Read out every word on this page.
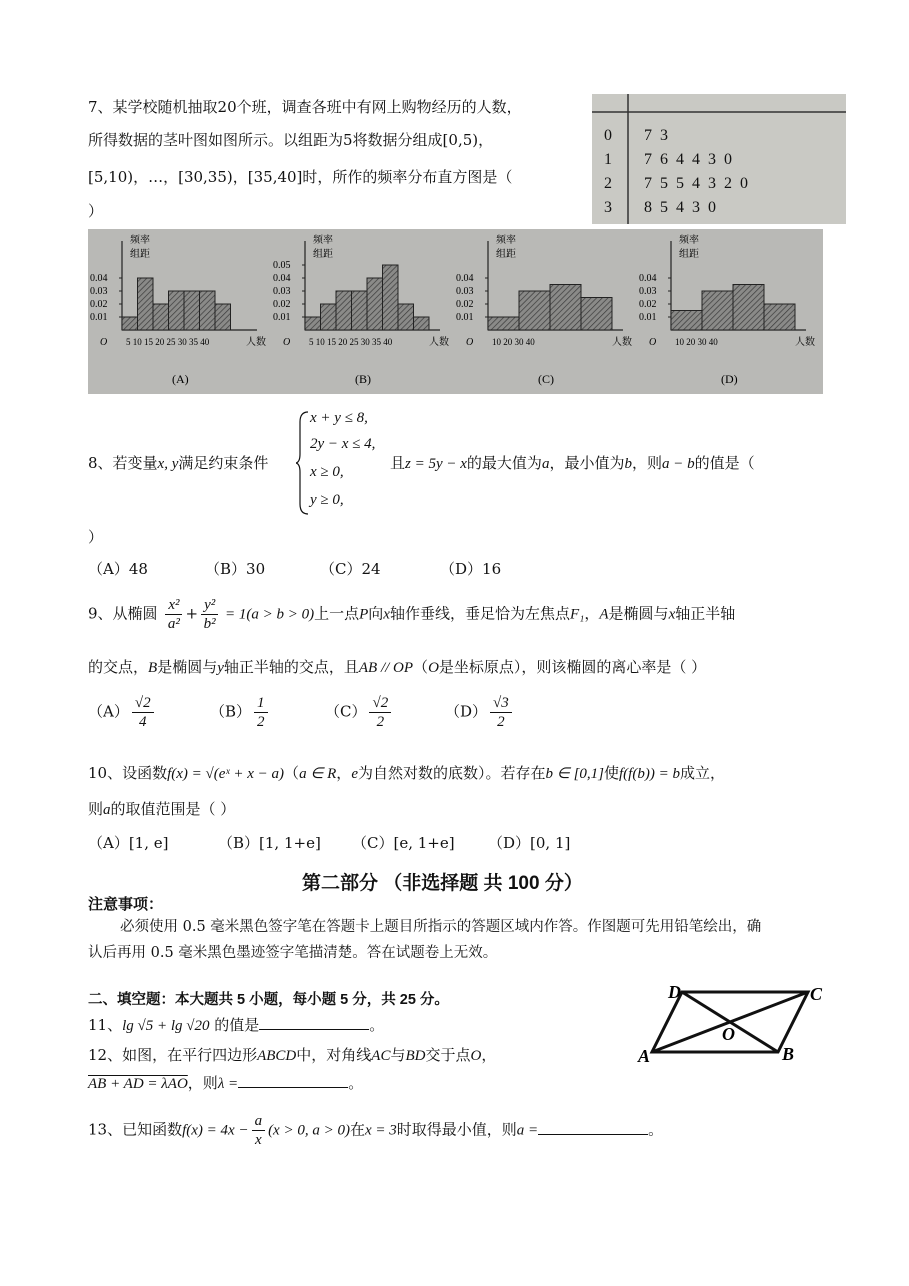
7、某学校随机抽取20个班，调查各班中有网上购物经历的人数，
所得数据的茎叶图如图所示。以组距为5将数据分组成[0,5)，
[5,10)，…，[30,35)，[35,40]时，所作的频率分布直方图是（
）
0 7  3
1 7  6  4  4  3  0
2 7  5  5  4  3  2  0
3 8  5  4  3  0
频率
组距
0.04
0.03
0.02
0.01
O 5 10 15 20 25 30 35 40	人数
(A)
频率
组距
0.05
0.04
0.03
0.02
0.01
O 5 10 15 20 25 30 35 40	人数
(B)
频率
组距
0.04
0.03
0.02
0.01
O 10 20 30 40	人数
(C)
频率
组距
0.04
0.03
0.02
0.01
O 10 20 30 40	人数
(D)
8、若变量x, y满足约束条件
x + y ≤ 8,
2y − x ≤ 4,
x ≥ 0,
y ≥ 0,
且z = 5y − x的最大值为a，最小值为b，则a − b的值是（
）
（A）48	（B）30	（C）24	（D）16
9、从椭圆 $\frac{\text{x²}}{\text{a²}} + \frac{\text{y²}}{\text{b²}} = 1(a > b > 0)$上一点P向x轴作垂线，垂足恰为左焦点F₁，A是椭圆与x轴正半轴
的交点，B是椭圆与y轴正半轴的交点，且AB // OP（O是坐标原点），则该椭圆的离心率是（ ）
$(A) \frac{√2}{4}$	$(B) \frac{1}{2}$	$(C) \frac{√2}{2}$	$(D) \frac{√3}{2}$
10、设函数f(x) = √(eˣ + x − a)（a ∈ R，e为自然对数的底数）。若存在b ∈ [0,1]使f(f(b)) = b成立，
则a的取值范围是（ ）
（A）[1, e]	（B）[1, 1+e] （C）[e, 1+e] （D）[0, 1]
第二部分 （非选择题 共 100 分）
注意事项：
必须使用 0.5 毫米黑色签字笔在答题卡上题目所指示的答题区域内作答。作图题可先用铅笔绘出，确
认后再用 0.5 毫米黑色墨迹签字笔描清楚。答在试题卷上无效。
二、填空题：本大题共 5 小题，每小题 5 分，共 25 分。
11、lg √5 + lg √20 的值是	。
12、如图，在平行四边形ABCD中，对角线AC与BD交于点O，
AB + AD = λAO，则λ =	。
13、已知函数$f(x) = 4x - \frac{a}{x} (x > 0$, a > 0)在x = 3时取得最小值，则a =	。
D	C
A	B
O
